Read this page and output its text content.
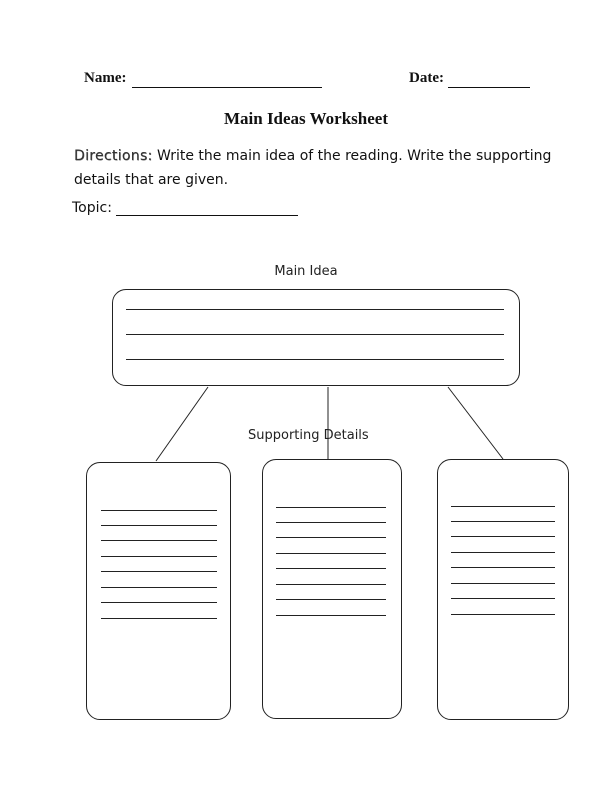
Name:	Date:
Main Ideas Worksheet
Directions: Write the main idea of the reading. Write the supporting details that are given.
Topic:
Main Idea
Supporting Details
